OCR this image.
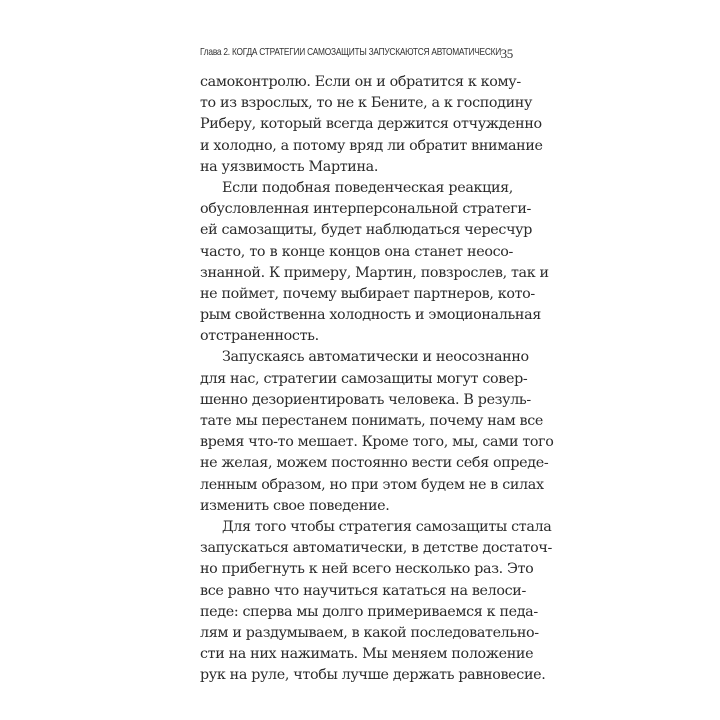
Глава 2. КОГДА СТРАТЕГИИ САМОЗАЩИТЫ ЗАПУСКАЮТСЯ АВТОМАТИЧЕСКИ 35
самоконтролю. Если он и обратится к кому-
то из взрослых, то не к Бените, а к господину
Риберу, который всегда держится отчужденно
и холодно, а потому вряд ли обратит внимание
на уязвимость Мартина.
Если подобная поведенческая реакция,
обусловленная интерперсональной стратеги-
ей самозащиты, будет наблюдаться чересчур
часто, то в конце концов она станет неосо-
знанной. К примеру, Мартин, повзрослев, так и
не поймет, почему выбирает партнеров, кото-
рым свойственна холодность и эмоциональная
отстраненность.
Запускаясь автоматически и неосознанно
для нас, стратегии самозащиты могут совер-
шенно дезориентировать человека. В резуль-
тате мы перестанем понимать, почему нам все
время что-то мешает. Кроме того, мы, сами того
не желая, можем постоянно вести себя опреде-
ленным образом, но при этом будем не в силах
изменить свое поведение.
Для того чтобы стратегия самозащиты стала
запускаться автоматически, в детстве достаточ-
но прибегнуть к ней всего несколько раз. Это
все равно что научиться кататься на велоси-
педе: сперва мы долго примериваемся к педа-
лям и раздумываем, в какой последовательно-
сти на них нажимать. Мы меняем положение
рук на руле, чтобы лучше держать равновесие.
